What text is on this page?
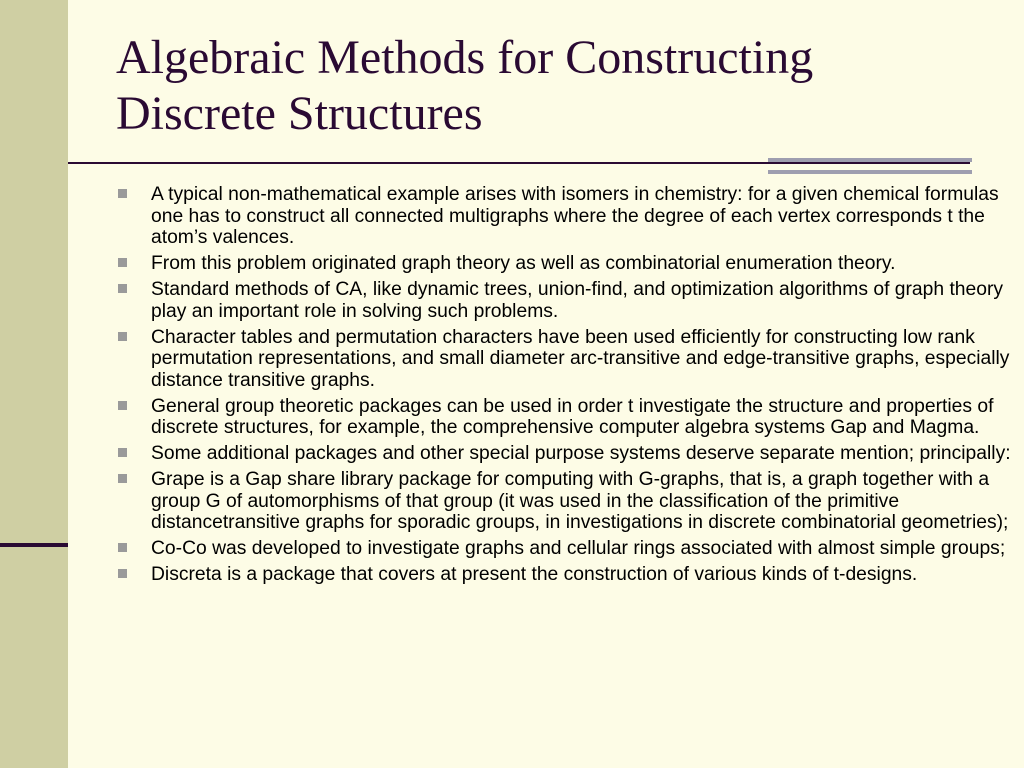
Algebraic Methods for Constructing
Discrete Structures
A typical non-mathematical example arises with isomers in chemistry: for a given chemical formulas one has to construct all connected multigraphs where the degree of each vertex corresponds t the atom’s valences.
From this problem originated graph theory as well as combinatorial enumeration theory.
Standard methods of CA, like dynamic trees, union-find, and optimization algorithms of graph theory play an important role in solving such problems.
Character tables and permutation characters have been used efficiently for constructing low rank permutation representations, and small diameter arc-transitive and edge-transitive graphs, especially distance transitive graphs.
General group theoretic packages can be used in order t investigate the structure and properties of discrete structures, for example, the comprehensive computer algebra systems Gap and Magma.
Some additional packages and other special purpose systems deserve separate mention; principally:
Grape is a Gap share library package for computing with G-graphs, that is, a graph together with a group G of automorphisms of that group (it was used in the classification of the primitive distancetransitive graphs for sporadic groups, in investigations in discrete combinatorial geometries);
Co-Co was developed to investigate graphs and cellular rings associated with almost simple groups;
Discreta is a package that covers at present the construction of various kinds of t-designs.
